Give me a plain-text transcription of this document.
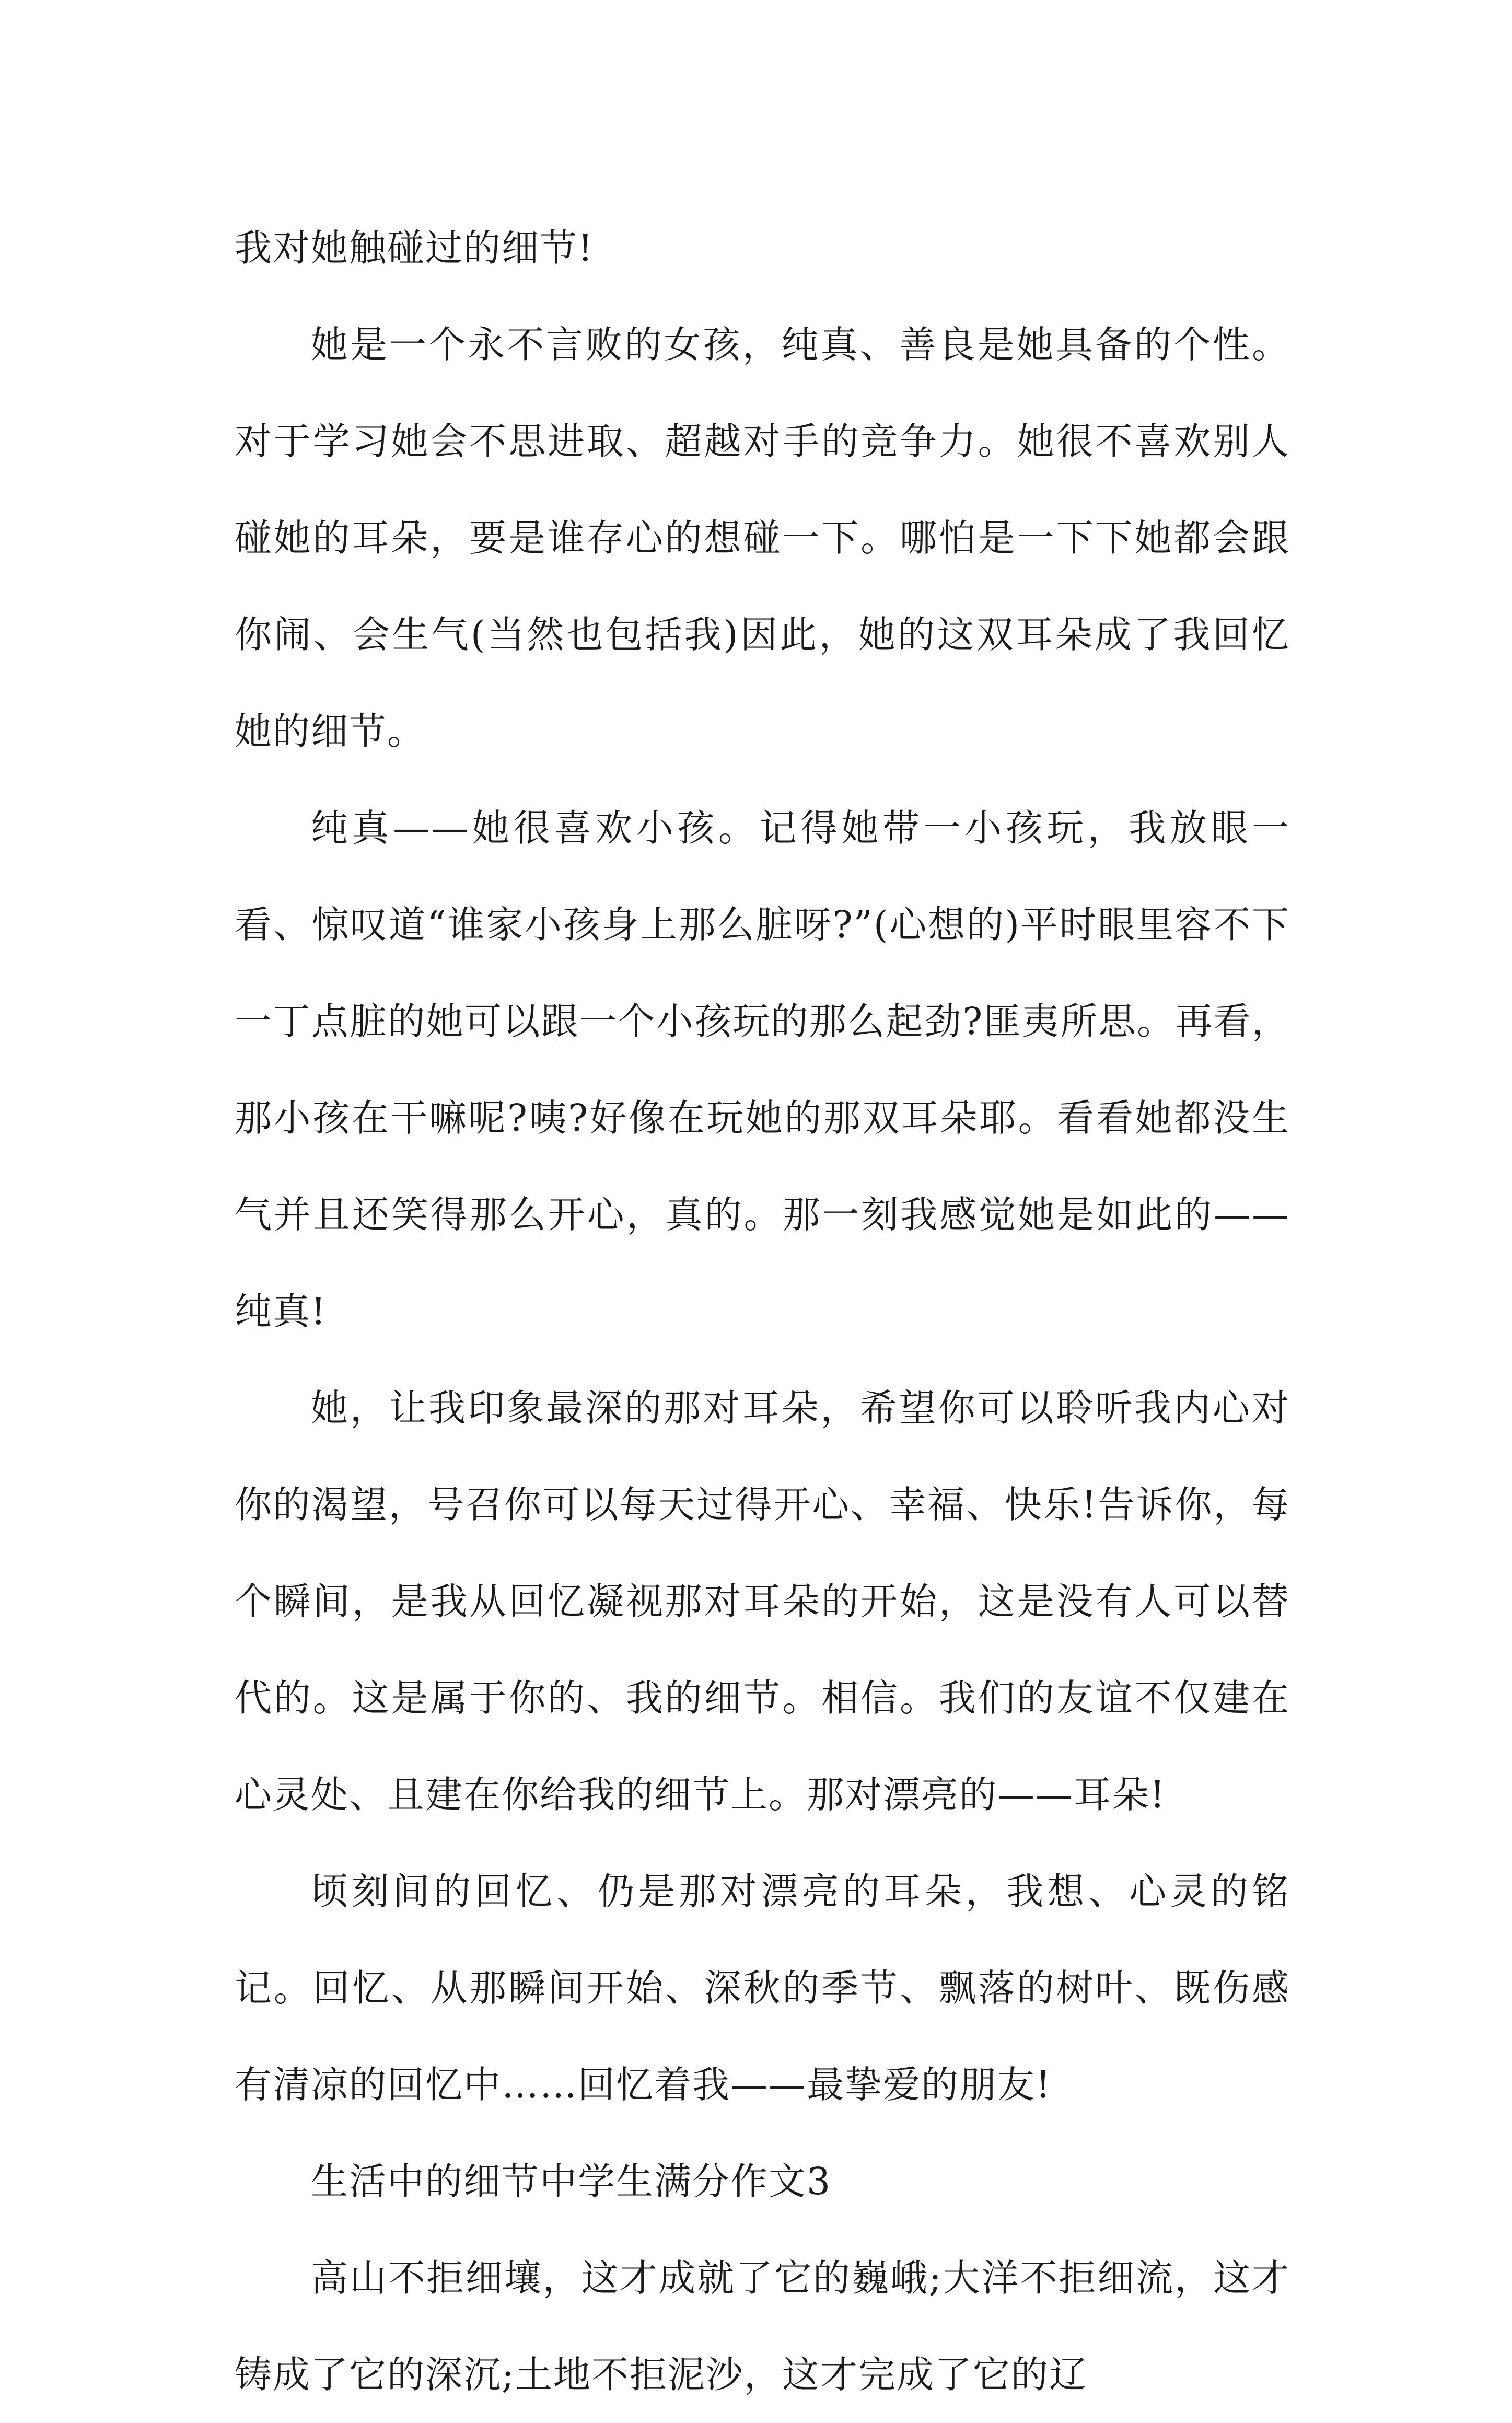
我对她触碰过的细节!

她是一个永不言败的女孩，纯真、善良是她具备的个性。对于学习她会不思进取、超越对手的竞争力。她很不喜欢别人碰她的耳朵，要是谁存心的想碰一下。哪怕是一下下她都会跟你闹、会生气(当然也包括我)因此，她的这双耳朵成了我回忆她的细节。

纯真——她很喜欢小孩。记得她带一小孩玩，我放眼一看、惊叹道“谁家小孩身上那么脏呀?”(心想的)平时眼里容不下一丁点脏的她可以跟一个小孩玩的那么起劲?匪夷所思。再看，那小孩在干嘛呢?咦?好像在玩她的那双耳朵耶。看看她都没生气并且还笑得那么开心，真的。那一刻我感觉她是如此的——纯真!

她，让我印象最深的那对耳朵，希望你可以聆听我内心对你的渴望，号召你可以每天过得开心、幸福、快乐!告诉你，每个瞬间，是我从回忆凝视那对耳朵的开始，这是没有人可以替代的。这是属于你的、我的细节。相信。我们的友谊不仅建在心灵处、且建在你给我的细节上。那对漂亮的——耳朵!

顷刻间的回忆、仍是那对漂亮的耳朵，我想、心灵的铭记。回忆、从那瞬间开始、深秋的季节、飘落的树叶、既伤感有清凉的回忆中……回忆着我——最挚爱的朋友!

生活中的细节中学生满分作文3

高山不拒细壤，这才成就了它的巍峨;大洋不拒细流，这才铸成了它的深沉;土地不拒泥沙，这才完成了它的辽
